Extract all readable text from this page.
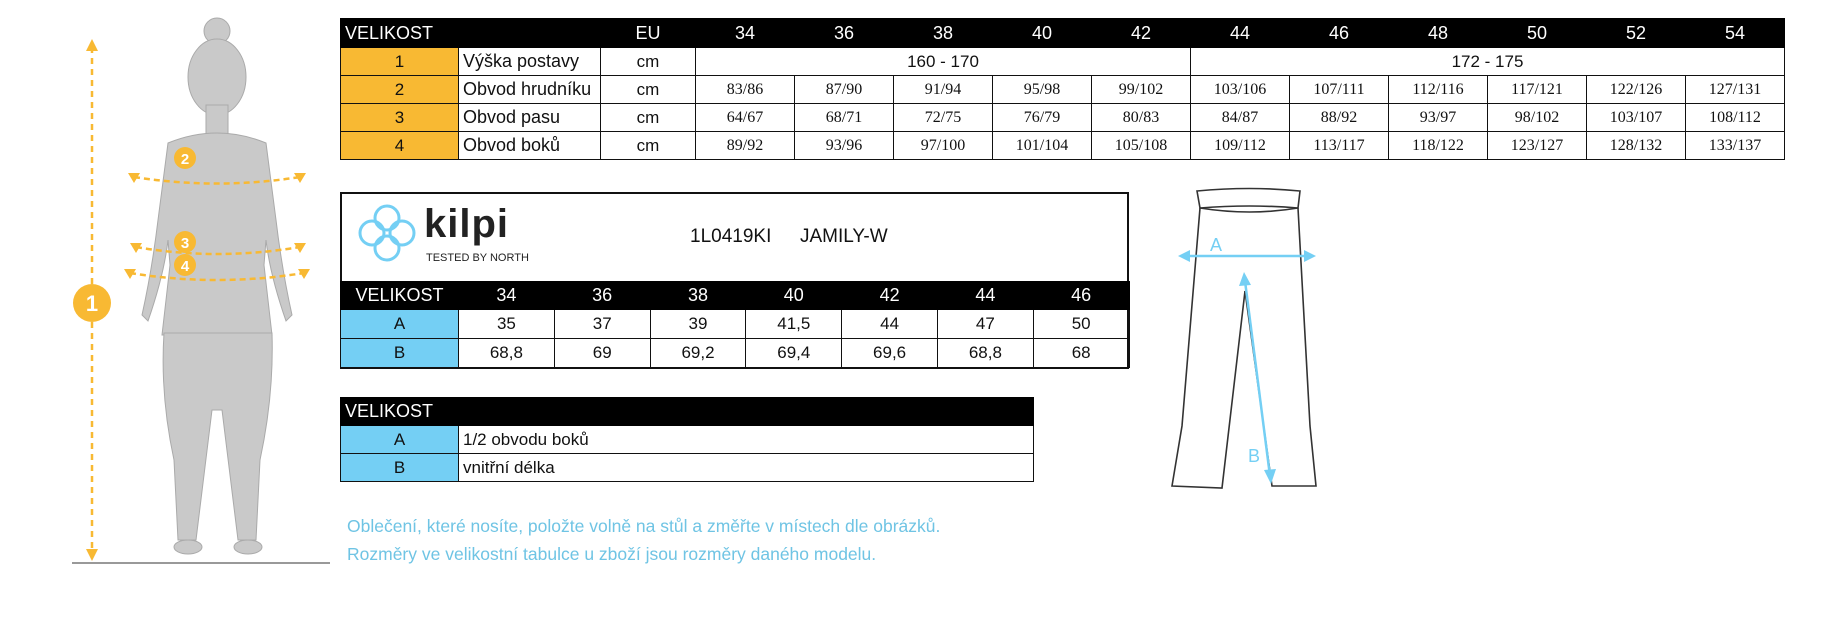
1
2
3
4
VELIKOST		EU	34	36	38	40	42	44	46	48	50	52	54
1	Výška postavy	cm	160 - 170					172 - 175					
2	Obvod hrudníku	cm	83/86	87/90	91/94	95/98	99/102	103/106	107/111	112/116	117/121	122/126	127/131
3	Obvod pasu	cm	64/67	68/71	72/75	76/79	80/83	84/87	88/92	93/97	98/102	103/107	108/112
4	Obvod boků	cm	89/92	93/96	97/100	101/104	105/108	109/112	113/117	118/122	123/127	128/132	133/137
kilpi
TESTED BY NORTH
1L0419KI JAMILY-W
VELIKOST	34	36	38	40	42	44	46
A	35	37	39	41,5	44	47	50
B	68,8	69	69,2	69,4	69,6	68,8	68
VELIKOST	
A	1/2 obvodu boků
B	vnitřní délka
Oblečení, které nosíte, položte volně na stůl a změřte v místech dle obrázků.
Rozměry ve velikostní tabulce u zboží jsou rozměry daného modelu.
A
B
